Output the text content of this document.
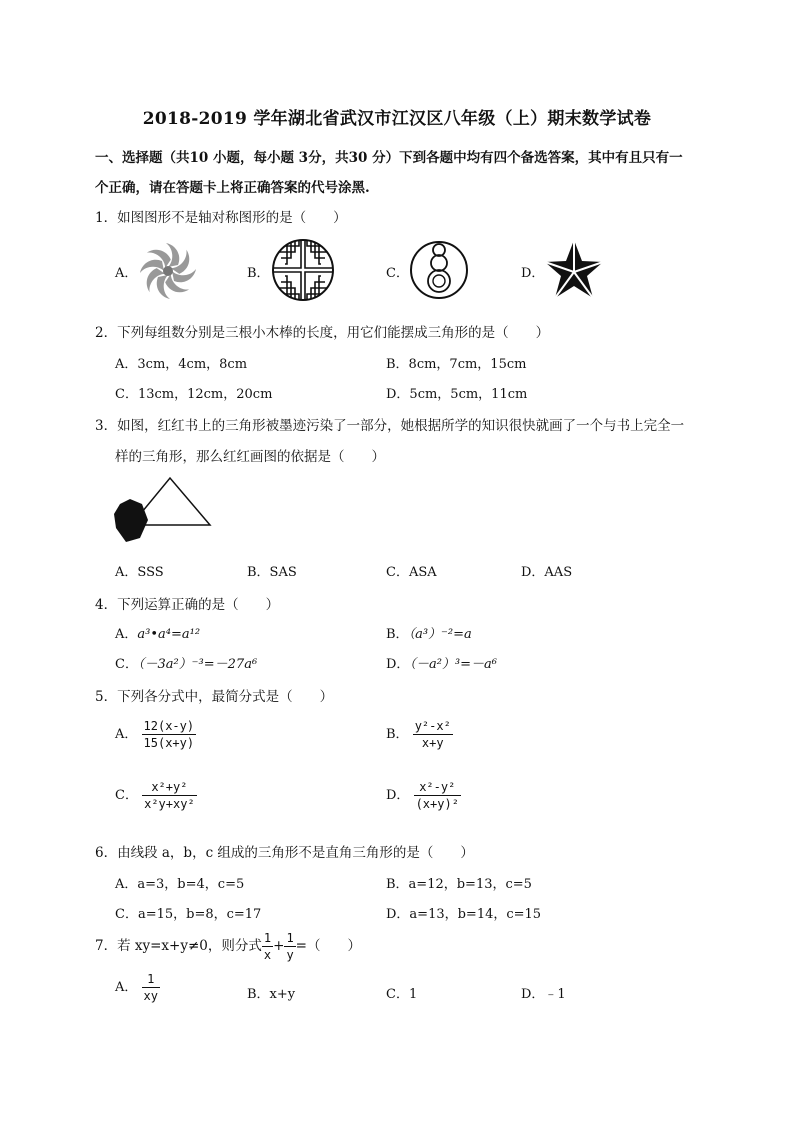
2018-2019 学年湖北省武汉市江汉区八年级（上）期末数学试卷
一、选择题（共10 小题，每小题 3分，共30 分）下到各题中均有四个备选答案，其中有且只有一
个正确，请在答题卡上将正确答案的代号涂黑.
1．如图图形不是轴对称图形的是（　　）
A．	B．	C．	D．
2．下列每组数分别是三根小木棒的长度，用它们能摆成三角形的是（　　）
A．3cm，4cm，8cm	B．8cm，7cm，15cm
C．13cm，12cm，20cm	D．5cm，5cm，11cm
3．如图，红红书上的三角形被墨迹污染了一部分，她根据所学的知识很快就画了一个与书上完全一
样的三角形，那么红红画图的依据是（　　）
A．SSS	B．SAS	C．ASA	D．AAS
4．下列运算正确的是（　　）
A．a³•a⁴=a¹²	B．（a³）⁻²=a
C．（－3a²）⁻³=－27a⁶	D．（－a²）³=－a⁶
5．下列各分式中，最简分式是（　　）
A． $\frac{12(x-y)}{15(x+y)}$	B． $\frac{\text{y²-x²}}{x+y}$
C． $\frac{\text{x²+y²}}{\text{x²y+xy²}}$	D． $\frac{\text{x²-y²}}{\text{(x+y)²}}$
6．由线段 a，b，c 组成的三角形不是直角三角形的是（　　）
A．a=3，b=4，c=5	B．a=12，b=13，c=5
C．a=15，b=8，c=17	D．a=13，b=14，c=15
7．若 xy=x+y≠0，则分式 $\frac{1}{x} + \frac{1}{y}$ =（　　）
A． $\frac{1}{xy}$	B．x+y	C．1	D．﹣1
